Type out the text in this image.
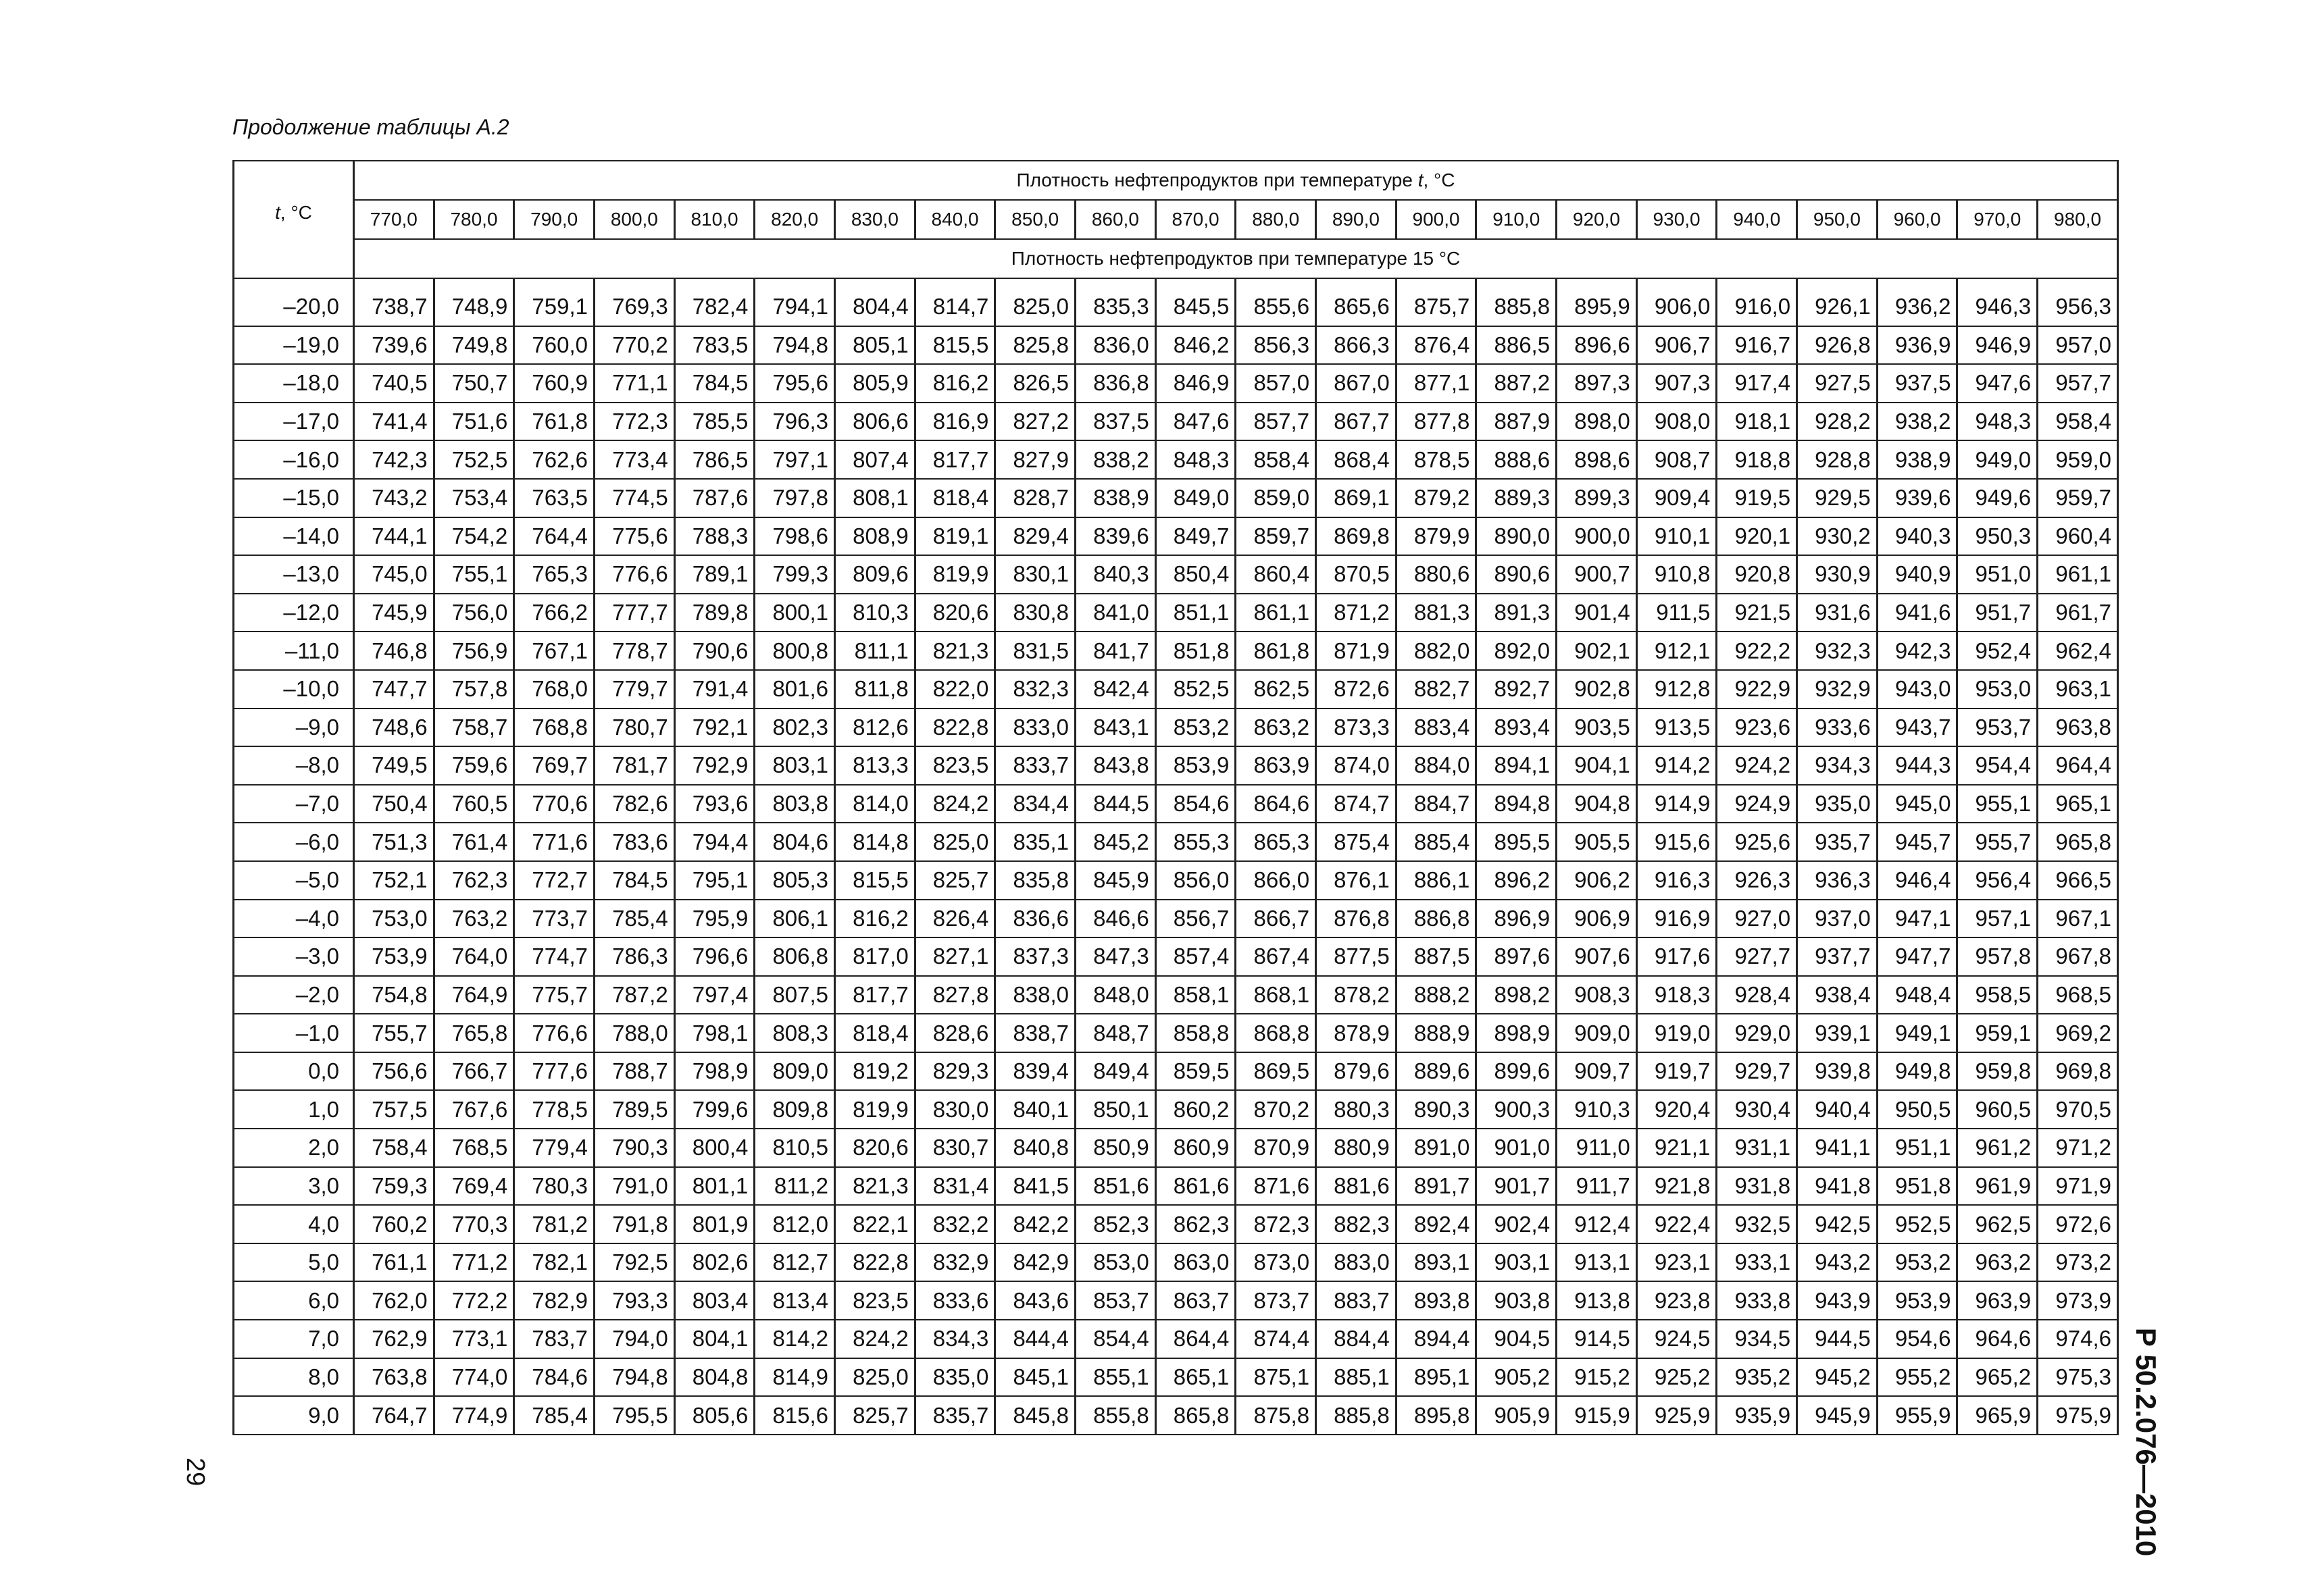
Продолжение таблицы А.2
t, °C	Плотность нефтепродуктов при температуре t, °C																					
	770,0	780,0	790,0	800,0	810,0	820,0	830,0	840,0	850,0	860,0	870,0	880,0	890,0	900,0	910,0	920,0	930,0	940,0	950,0	960,0	970,0	980,0
	Плотность нефтепродуктов при температуре 15 °C																					
–20,0	738,7	748,9	759,1	769,3	782,4	794,1	804,4	814,7	825,0	835,3	845,5	855,6	865,6	875,7	885,8	895,9	906,0	916,0	926,1	936,2	946,3	956,3
–19,0	739,6	749,8	760,0	770,2	783,5	794,8	805,1	815,5	825,8	836,0	846,2	856,3	866,3	876,4	886,5	896,6	906,7	916,7	926,8	936,9	946,9	957,0
–18,0	740,5	750,7	760,9	771,1	784,5	795,6	805,9	816,2	826,5	836,8	846,9	857,0	867,0	877,1	887,2	897,3	907,3	917,4	927,5	937,5	947,6	957,7
–17,0	741,4	751,6	761,8	772,3	785,5	796,3	806,6	816,9	827,2	837,5	847,6	857,7	867,7	877,8	887,9	898,0	908,0	918,1	928,2	938,2	948,3	958,4
–16,0	742,3	752,5	762,6	773,4	786,5	797,1	807,4	817,7	827,9	838,2	848,3	858,4	868,4	878,5	888,6	898,6	908,7	918,8	928,8	938,9	949,0	959,0
–15,0	743,2	753,4	763,5	774,5	787,6	797,8	808,1	818,4	828,7	838,9	849,0	859,0	869,1	879,2	889,3	899,3	909,4	919,5	929,5	939,6	949,6	959,7
–14,0	744,1	754,2	764,4	775,6	788,3	798,6	808,9	819,1	829,4	839,6	849,7	859,7	869,8	879,9	890,0	900,0	910,1	920,1	930,2	940,3	950,3	960,4
–13,0	745,0	755,1	765,3	776,6	789,1	799,3	809,6	819,9	830,1	840,3	850,4	860,4	870,5	880,6	890,6	900,7	910,8	920,8	930,9	940,9	951,0	961,1
–12,0	745,9	756,0	766,2	777,7	789,8	800,1	810,3	820,6	830,8	841,0	851,1	861,1	871,2	881,3	891,3	901,4	911,5	921,5	931,6	941,6	951,7	961,7
–11,0	746,8	756,9	767,1	778,7	790,6	800,8	811,1	821,3	831,5	841,7	851,8	861,8	871,9	882,0	892,0	902,1	912,1	922,2	932,3	942,3	952,4	962,4
–10,0	747,7	757,8	768,0	779,7	791,4	801,6	811,8	822,0	832,3	842,4	852,5	862,5	872,6	882,7	892,7	902,8	912,8	922,9	932,9	943,0	953,0	963,1
–9,0	748,6	758,7	768,8	780,7	792,1	802,3	812,6	822,8	833,0	843,1	853,2	863,2	873,3	883,4	893,4	903,5	913,5	923,6	933,6	943,7	953,7	963,8
–8,0	749,5	759,6	769,7	781,7	792,9	803,1	813,3	823,5	833,7	843,8	853,9	863,9	874,0	884,0	894,1	904,1	914,2	924,2	934,3	944,3	954,4	964,4
–7,0	750,4	760,5	770,6	782,6	793,6	803,8	814,0	824,2	834,4	844,5	854,6	864,6	874,7	884,7	894,8	904,8	914,9	924,9	935,0	945,0	955,1	965,1
–6,0	751,3	761,4	771,6	783,6	794,4	804,6	814,8	825,0	835,1	845,2	855,3	865,3	875,4	885,4	895,5	905,5	915,6	925,6	935,7	945,7	955,7	965,8
–5,0	752,1	762,3	772,7	784,5	795,1	805,3	815,5	825,7	835,8	845,9	856,0	866,0	876,1	886,1	896,2	906,2	916,3	926,3	936,3	946,4	956,4	966,5
–4,0	753,0	763,2	773,7	785,4	795,9	806,1	816,2	826,4	836,6	846,6	856,7	866,7	876,8	886,8	896,9	906,9	916,9	927,0	937,0	947,1	957,1	967,1
–3,0	753,9	764,0	774,7	786,3	796,6	806,8	817,0	827,1	837,3	847,3	857,4	867,4	877,5	887,5	897,6	907,6	917,6	927,7	937,7	947,7	957,8	967,8
–2,0	754,8	764,9	775,7	787,2	797,4	807,5	817,7	827,8	838,0	848,0	858,1	868,1	878,2	888,2	898,2	908,3	918,3	928,4	938,4	948,4	958,5	968,5
–1,0	755,7	765,8	776,6	788,0	798,1	808,3	818,4	828,6	838,7	848,7	858,8	868,8	878,9	888,9	898,9	909,0	919,0	929,0	939,1	949,1	959,1	969,2
0,0	756,6	766,7	777,6	788,7	798,9	809,0	819,2	829,3	839,4	849,4	859,5	869,5	879,6	889,6	899,6	909,7	919,7	929,7	939,8	949,8	959,8	969,8
1,0	757,5	767,6	778,5	789,5	799,6	809,8	819,9	830,0	840,1	850,1	860,2	870,2	880,3	890,3	900,3	910,3	920,4	930,4	940,4	950,5	960,5	970,5
2,0	758,4	768,5	779,4	790,3	800,4	810,5	820,6	830,7	840,8	850,9	860,9	870,9	880,9	891,0	901,0	911,0	921,1	931,1	941,1	951,1	961,2	971,2
3,0	759,3	769,4	780,3	791,0	801,1	811,2	821,3	831,4	841,5	851,6	861,6	871,6	881,6	891,7	901,7	911,7	921,8	931,8	941,8	951,8	961,9	971,9
4,0	760,2	770,3	781,2	791,8	801,9	812,0	822,1	832,2	842,2	852,3	862,3	872,3	882,3	892,4	902,4	912,4	922,4	932,5	942,5	952,5	962,5	972,6
5,0	761,1	771,2	782,1	792,5	802,6	812,7	822,8	832,9	842,9	853,0	863,0	873,0	883,0	893,1	903,1	913,1	923,1	933,1	943,2	953,2	963,2	973,2
6,0	762,0	772,2	782,9	793,3	803,4	813,4	823,5	833,6	843,6	853,7	863,7	873,7	883,7	893,8	903,8	913,8	923,8	933,8	943,9	953,9	963,9	973,9
7,0	762,9	773,1	783,7	794,0	804,1	814,2	824,2	834,3	844,4	854,4	864,4	874,4	884,4	894,4	904,5	914,5	924,5	934,5	944,5	954,6	964,6	974,6
8,0	763,8	774,0	784,6	794,8	804,8	814,9	825,0	835,0	845,1	855,1	865,1	875,1	885,1	895,1	905,2	915,2	925,2	935,2	945,2	955,2	965,2	975,3
9,0	764,7	774,9	785,4	795,5	805,6	815,6	825,7	835,7	845,8	855,8	865,8	875,8	885,8	895,8	905,9	915,9	925,9	935,9	945,9	955,9	965,9	975,9 Р 50.2.076—2010
29
